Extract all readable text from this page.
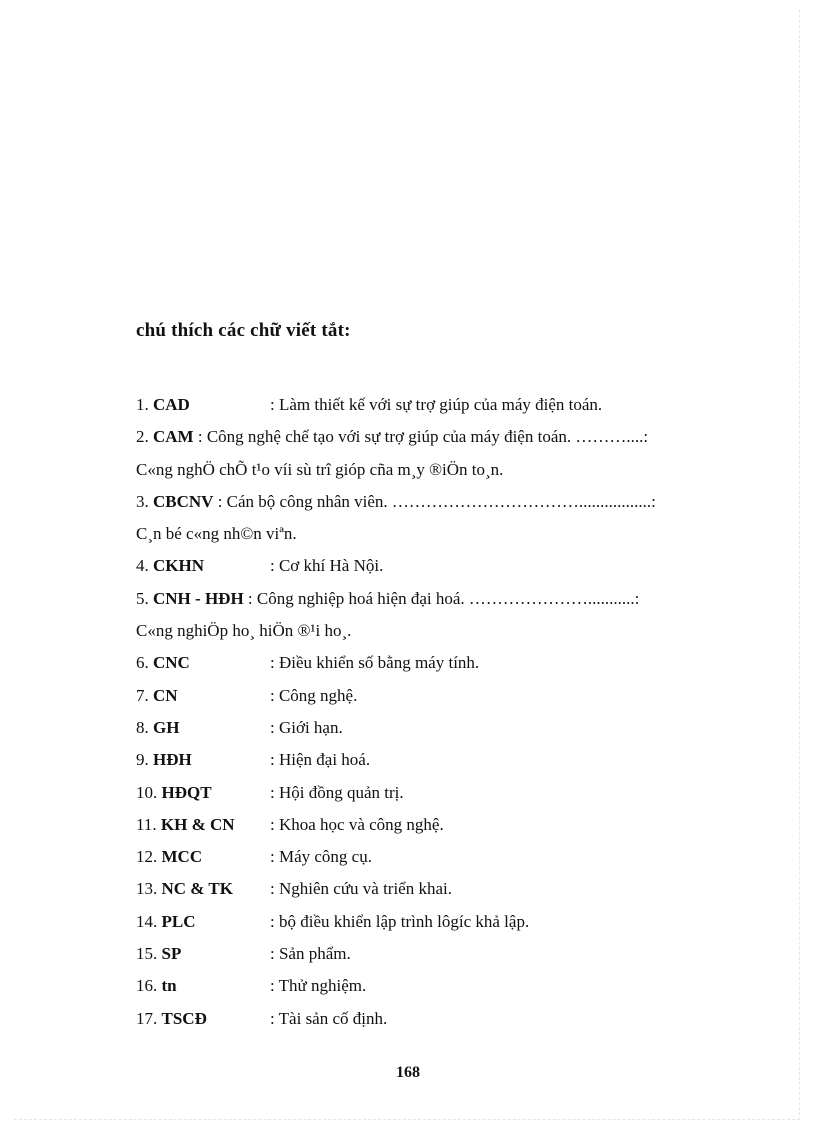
chú thích các chữ viết tắt:
1. CAD	: Làm thiết kế với sự trợ giúp của máy điện toán.
2. CAM : Công nghệ chế tạo với sự trợ giúp của máy điện toán. ………....:
C«ng nghÖ chÕ t¹o víi sù trî gióp cña m¸y ®iÖn to¸n.
3. CBCNV : Cán bộ công nhân viên. …………………………….................:
C¸n bé c«ng nh©n viªn.
4. CKHN	: Cơ khí Hà Nội.
5. CNH - HĐH : Công nghiệp hoá hiện đại hoá. …………………...........:
C«ng nghiÖp ho¸ hiÖn ®¹i ho¸.
6. CNC	: Điều khiển số bằng máy tính.
7. CN	: Công nghệ.
8. GH	: Giới hạn.
9. HĐH	: Hiện đại hoá.
10. HĐQT	: Hội đồng quản trị.
11. KH & CN : Khoa học và công nghệ.
12. MCC	: Máy công cụ.
13. NC & TK : Nghiên cứu và triển khai.
14. PLC	: bộ điều khiển lập trình lôgíc khả lập.
15. SP	: Sản phẩm.
16. tn	: Thử nghiệm.
17. TSCĐ	: Tài sản cố định.
168
